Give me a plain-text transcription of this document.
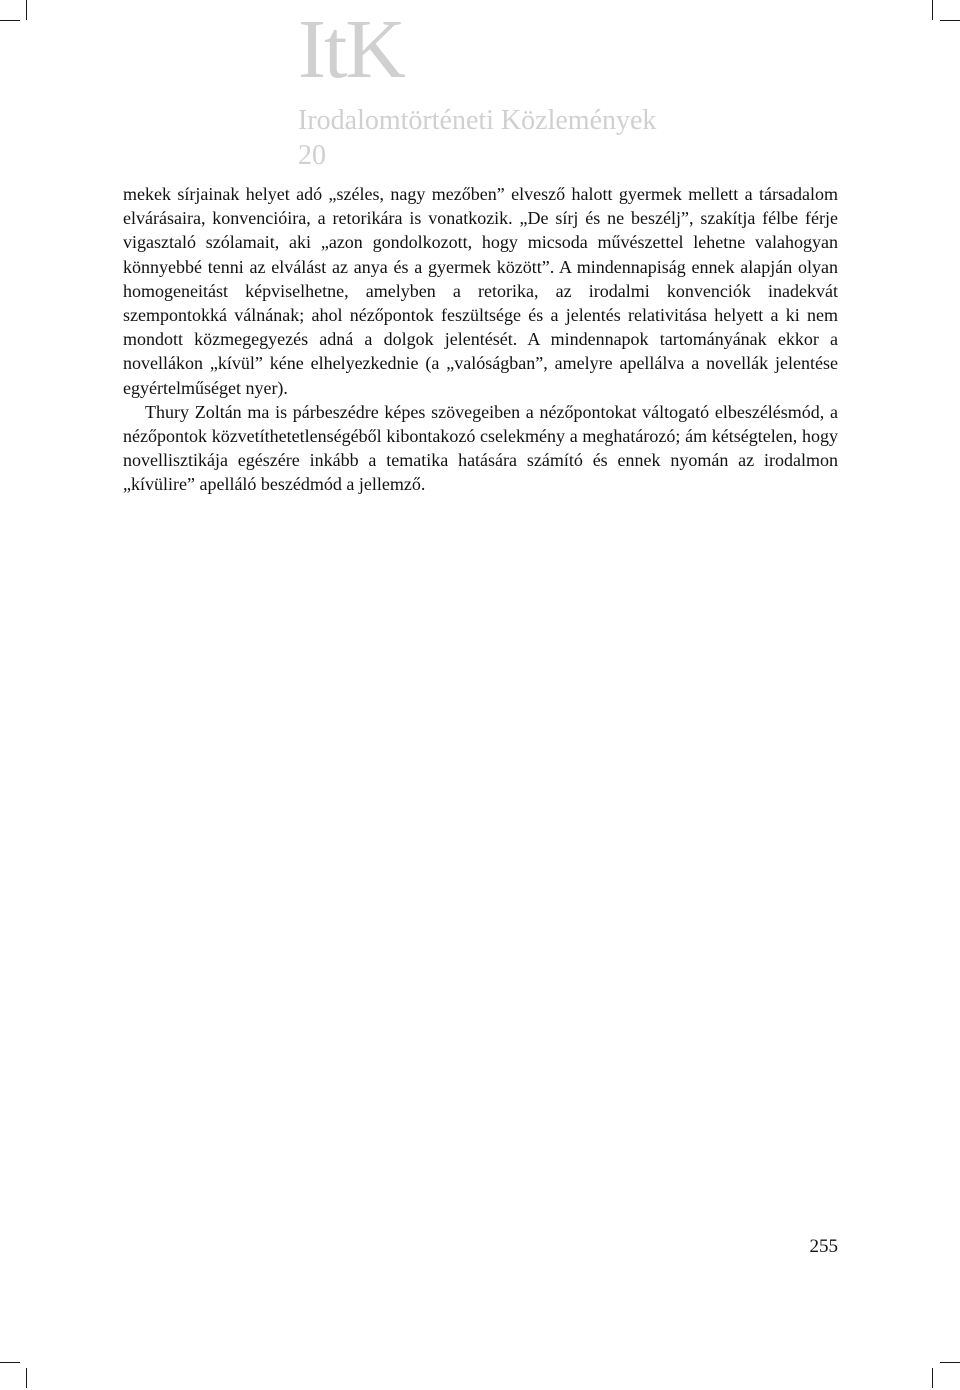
ItK
Irodalomtörténeti Közlemények
20

mekek sírjainak helyet adó „széles, nagy mezőben” elvesző halott gyermek mellett a társadalom elvárásaira, konvencióira, a retorikára is vonatkozik. „De sírj és ne beszélj”, szakítja félbe férje vigasztaló szólamait, aki „azon gondolkozott, hogy micsoda művészettel lehetne valahogyan könnyebbé tenni az elválást az anya és a gyermek között”. A mindennapiság ennek alapján olyan homogeneitást képviselhetne, amelyben a retorika, az irodalmi konvenciók inadekvát szempontokká válnának; ahol nézőpontok feszültsége és a jelentés relativitása helyett a ki nem mondott közmegegyezés adná a dolgok jelentését. A mindennapok tartományának ekkor a novellákon „kívül” kéne elhelyezkednie (a „valóságban”, amelyre apellálva a novellák jelentése egyértelműséget nyer).

Thury Zoltán ma is párbeszédre képes szövegeiben a nézőpontokat váltogató elbeszélésmód, a nézőpontok közvetíthetetlenségéből kibontakozó cselekmény a meghatározó; ám kétségtelen, hogy novellisztikája egészére inkább a tematika hatására számító és ennek nyomán az irodalmon „kívülire” apelláló beszédmód a jellemző.

255
